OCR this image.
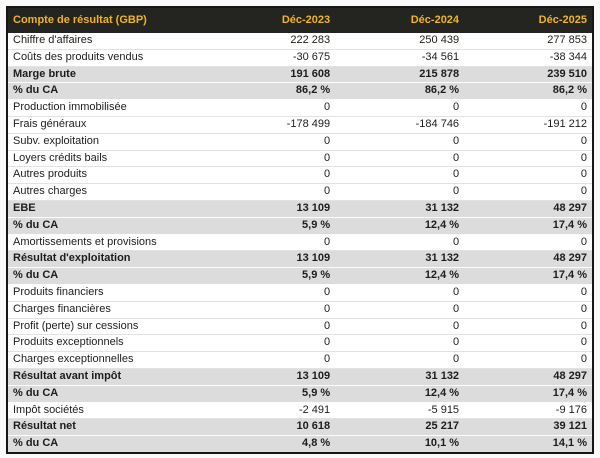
Compte de résultat (GBP)	Déc-2023	Déc-2024	Déc-2025
Chiffre d'affaires	222 283	250 439	277 853
Coûts des produits vendus	-30 675	-34 561	-38 344
Marge brute	191 608	215 878	239 510
% du CA	86,2 %	86,2 %	86,2 %
Production immobilisée	0	0	0
Frais généraux	-178 499	-184 746	-191 212
Subv. exploitation	0	0	0
Loyers crédits bails	0	0	0
Autres produits	0	0	0
Autres charges	0	0	0
EBE	13 109	31 132	48 297
% du CA	5,9 %	12,4 %	17,4 %
Amortissements et provisions	0	0	0
Résultat d'exploitation	13 109	31 132	48 297
% du CA	5,9 %	12,4 %	17,4 %
Produits financiers	0	0	0
Charges financières	0	0	0
Profit (perte) sur cessions	0	0	0
Produits exceptionnels	0	0	0
Charges exceptionnelles	0	0	0
Résultat avant impôt	13 109	31 132	48 297
% du CA	5,9 %	12,4 %	17,4 %
Impôt sociétés	-2 491	-5 915	-9 176
Résultat net	10 618	25 217	39 121
% du CA	4,8 %	10,1 %	14,1 %
